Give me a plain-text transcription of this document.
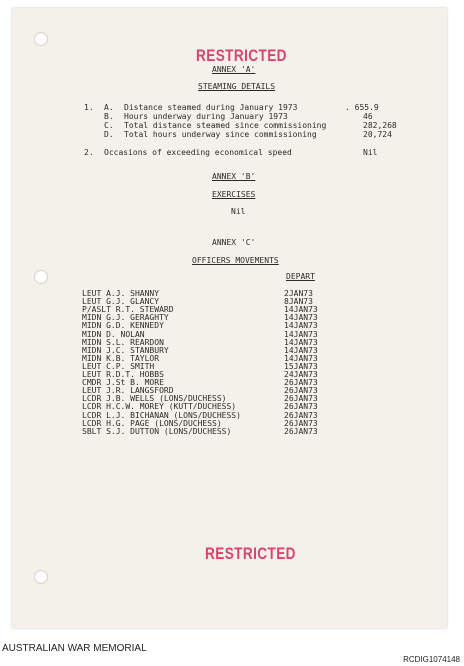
RESTRICTED
ANNEX 'A'
STEAMING DETAILS
1. A. Distance steamed during January 1973	. 655.9
B. Hours underway during January 1973	46
C. Total distance steamed since commissioning	282,268
D. Total hours underway since commissioning	20,724
2. Occasions of exceeding economical speed	Nil
ANNEX 'B'
EXERCISES
Nil
ANNEX 'C'
OFFICERS MOVEMENTS
DEPART
LEUT A.J. SHANNY	2JAN73
LEUT G.J. GLANCY	8JAN73
P/ASLT R.T. STEWARD	14JAN73
MIDN G.J. GERAGHTY	14JAN73
MIDN G.D. KENNEDY	14JAN73
MIDN D. NOLAN	14JAN73
MIDN S.L. REARDON	14JAN73
MIDN J.C. STANBURY	14JAN73
MIDN K.B. TAYLOR	14JAN73
LEUT C.P. SMITH	15JAN73
LEUT R.D.T. HOBBS	24JAN73
CMDR J.St B. MORE	26JAN73
LEUT J.R. LANGSFORD	26JAN73
LCDR J.B. WELLS (LONS/DUCHESS)	26JAN73
LCDR H.C.W. MOREY (KUTT/DUCHESS)	26JAN73
LCDR L.J. BICHANAN (LONS/DUCHESS)	26JAN73
LCDR H.G. PAGE (LONS/DUCHESS)	26JAN73
SBLT S.J. DUTTON (LONS/DUCHESS)	26JAN73
RESTRICTED
AUSTRALIAN WAR MEMORIAL
RCDIG1074148
